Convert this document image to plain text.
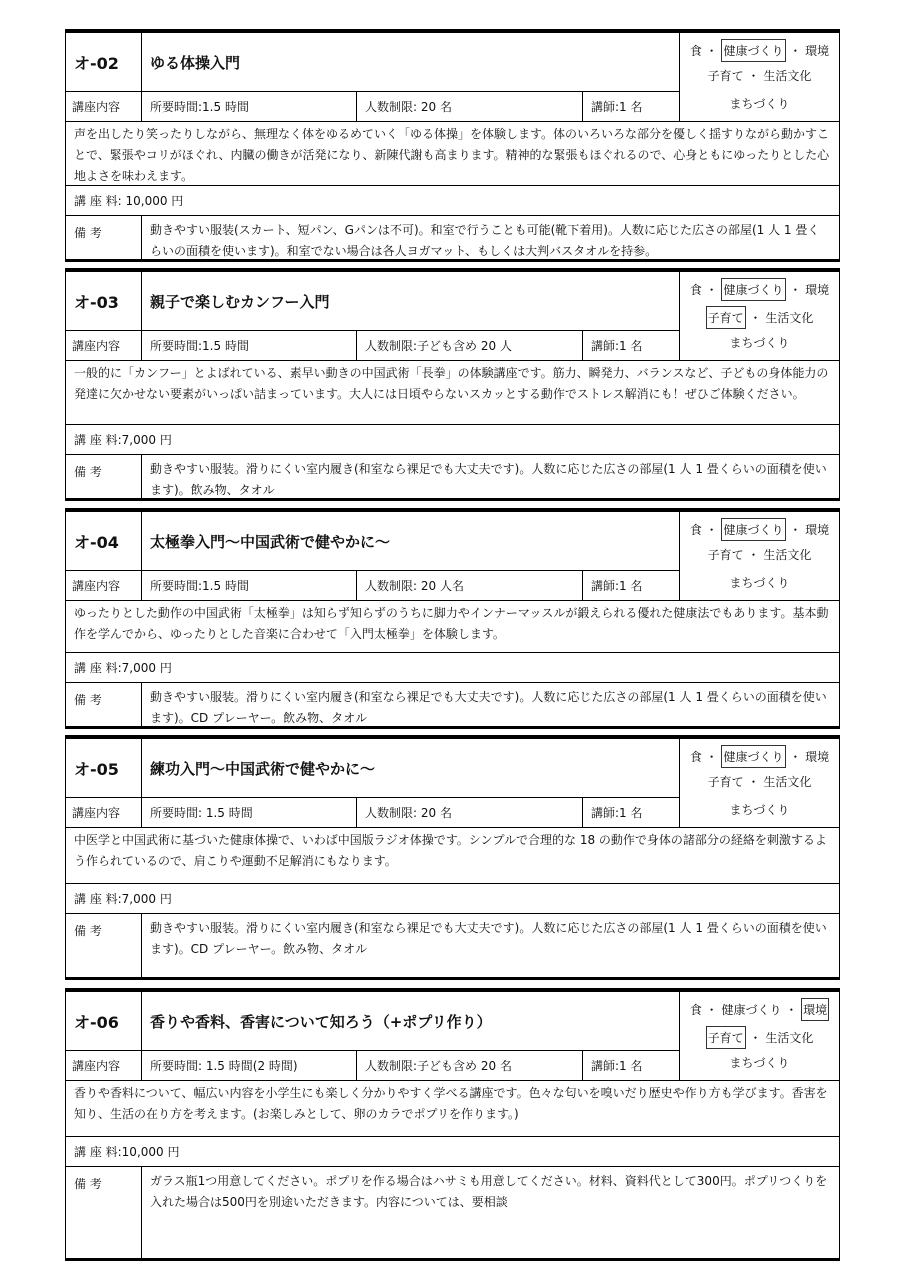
オ-02 ゆる体操入門
食 ・ 健康づくり ・ 環境
子育て ・ 生活文化
まちづくり
講座内容 所要時間:1.5 時間	人数制限: 20 名	講師:1 名
声を出したり笑ったりしながら、無理なく体をゆるめていく「ゆる体操」を体験します。体のいろいろな部分を優しく揺すりながら動かすことで、緊張やコリがほぐれ、内臓の働きが活発になり、新陳代謝も高まります。精神的な緊張もほぐれるので、心身ともにゆったりとした心地よさを味わえます。
講 座 料: 10,000 円
備 考	動きやすい服装(スカート、短パン、Gパンは不可)。和室で行うことも可能(靴下着用)。人数に応じた広さの部屋(1 人 1 畳くらいの面積を使います)。和室でない場合は各人ヨガマット、もしくは大判バスタオルを持参。
オ-03 親子で楽しむカンフー入門
食 ・ 健康づくり ・ 環境
子育て ・ 生活文化
まちづくり
講座内容 所要時間:1.5 時間	人数制限:子ども含め 20 人	講師:1 名
一般的に「カンフー」とよばれている、素早い動きの中国武術「長拳」の体験講座です。筋力、瞬発力、バランスなど、子どもの身体能力の発達に欠かせない要素がいっぱい詰まっています。大人には日頃やらないスカッとする動作でストレス解消にも！ぜひご体験ください。
講 座 料:7,000 円
備 考	動きやすい服装。滑りにくい室内履き(和室なら裸足でも大丈夫です)。人数に応じた広さの部屋(1 人 1 畳くらいの面積を使います)。飲み物、タオル
オ-04 太極拳入門〜中国武術で健やかに〜
食 ・ 健康づくり ・ 環境
子育て ・ 生活文化
まちづくり
講座内容 所要時間:1.5 時間	人数制限: 20 人名	講師:1 名
ゆったりとした動作の中国武術「太極拳」は知らず知らずのうちに脚力やインナーマッスルが鍛えられる優れた健康法でもあります。基本動作を学んでから、ゆったりとした音楽に合わせて「入門太極拳」を体験します。
講 座 料:7,000 円
備 考	動きやすい服装。滑りにくい室内履き(和室なら裸足でも大丈夫です)。人数に応じた広さの部屋(1 人 1 畳くらいの面積を使います)。CD プレーヤー。飲み物、タオル
オ-05 練功入門〜中国武術で健やかに〜
食 ・ 健康づくり ・ 環境
子育て ・ 生活文化
まちづくり
講座内容 所要時間: 1.5 時間	人数制限: 20 名	講師:1 名
中医学と中国武術に基づいた健康体操で、いわば中国版ラジオ体操です。シンプルで合理的な 18 の動作で身体の諸部分の経絡を刺激するよう作られているので、肩こりや運動不足解消にもなります。
講 座 料:7,000 円
備 考	動きやすい服装。滑りにくい室内履き(和室なら裸足でも大丈夫です)。人数に応じた広さの部屋(1 人 1 畳くらいの面積を使います)。CD プレーヤー。飲み物、タオル
オ-06 香りや香料、香害について知ろう（+ポプリ作り）
食 ・ 健康づくり ・ 環境
子育て ・ 生活文化
まちづくり
講座内容 所要時間: 1.5 時間(2 時間)	人数制限:子ども含め 20 名	講師:1 名
香りや香料について、幅広い内容を小学生にも楽しく分かりやすく学べる講座です。色々な匂いを嗅いだり歴史や作り方も学びます。香害を知り、生活の在り方を考えます。(お楽しみとして、卵のカラでポプリを作ります。)
講 座 料:10,000 円
備 考	ガラス瓶1つ用意してください。ポプリを作る場合はハサミも用意してください。材料、資料代として300円。ポプリつくりを入れた場合は500円を別途いただきます。内容については、要相談
